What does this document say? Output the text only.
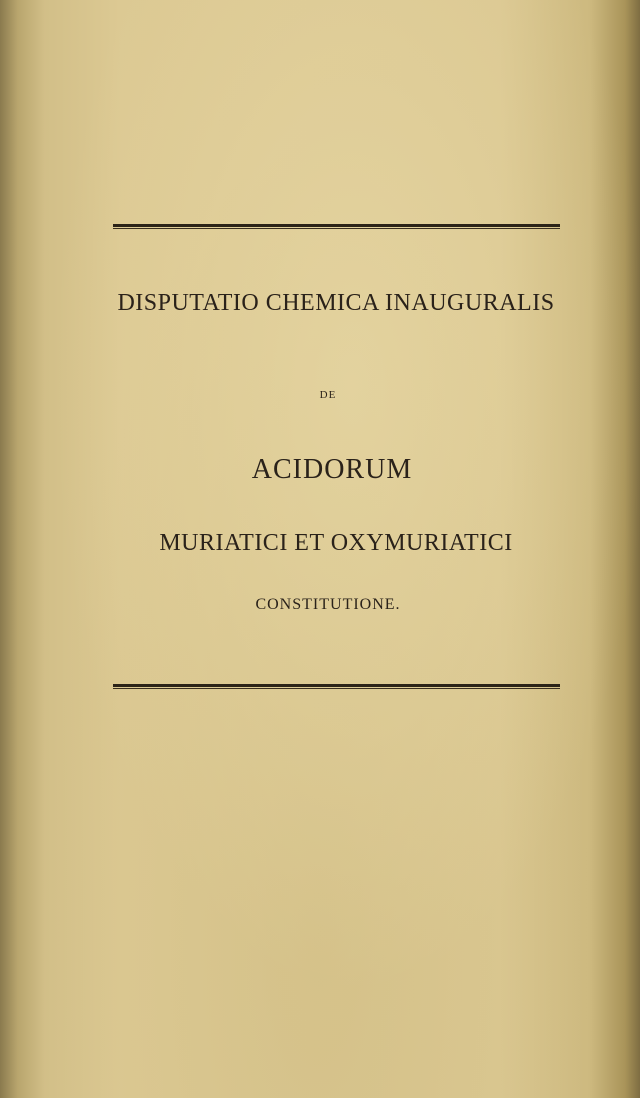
DISPUTATIO CHEMICA INAUGURALIS
DE
ACIDORUM
MURIATICI ET OXYMURIATICI
CONSTITUTIONE.
